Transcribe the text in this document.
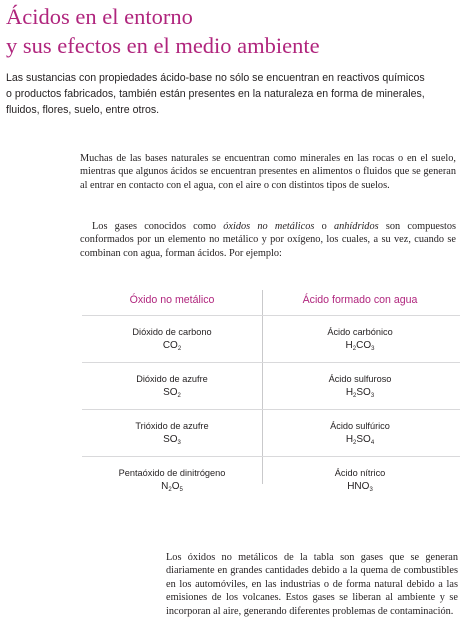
Ácidos en el entorno
y sus efectos en el medio ambiente

Las sustancias con propiedades ácido-base no sólo se encuentran en reactivos químicos o productos fabricados, también están presentes en la naturaleza en forma de minerales, fluidos, flores, suelo, entre otros.

Muchas de las bases naturales se encuentran como minerales en las rocas o en el suelo, mientras que algunos ácidos se encuentran presentes en alimentos o fluidos que se generan al entrar en contacto con el agua, con el aire o con distintos tipos de suelos.

Los gases conocidos como óxidos no metálicos o anhídridos son compuestos conformados por un elemento no metálico y por oxígeno, los cuales, a su vez, cuando se combinan con agua, forman ácidos. Por ejemplo:

Óxido no metálico	Ácido formado con agua
Dióxido de carbono
$CO_2$
Ácido carbónico
$H_2CO_3$
Dióxido de azufre
$SO_2$
Ácido sulfuroso
$H_2SO_3$
Trióxido de azufre
$SO_3$
Ácido sulfúrico
$H_2SO_4$
Pentaóxido de dinitrógeno
$N_2O_5$
Ácido nítrico
$HNO_3$

Los óxidos no metálicos de la tabla son gases que se generan diariamente en grandes cantidades debido a la quema de combustibles en los automóviles, en las industrias o de forma natural debido a las emisiones de los volcanes. Estos gases se liberan al ambiente y se incorporan al aire, generando diferentes problemas de contaminación.
